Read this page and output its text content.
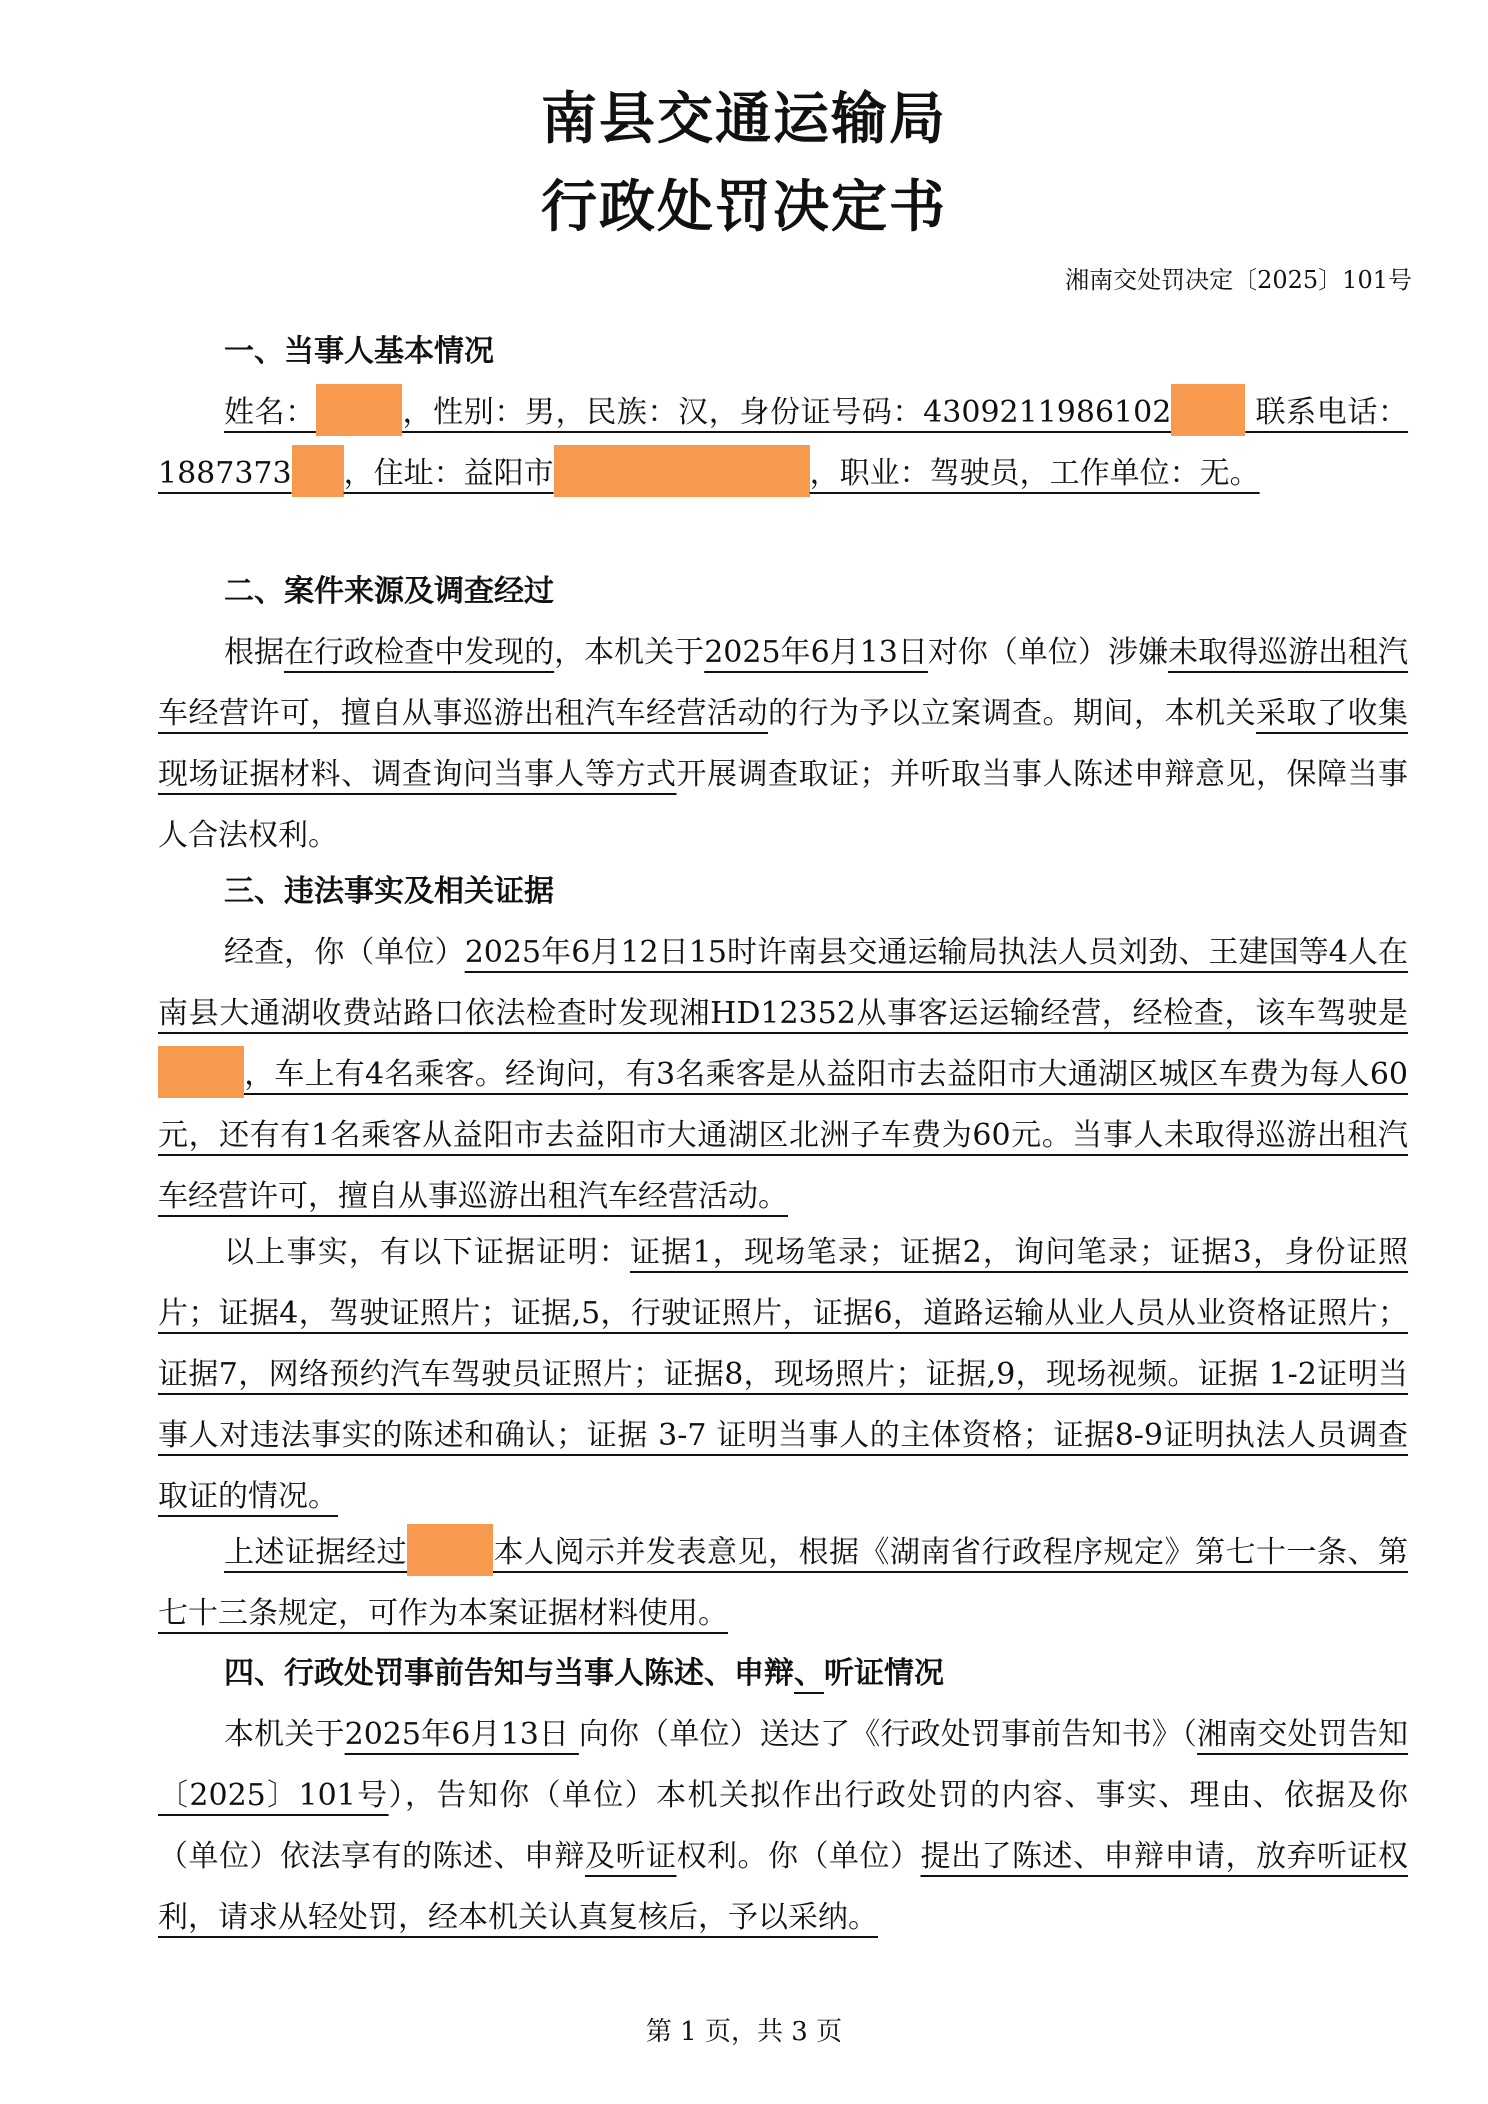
南县交通运输局
行政处罚决定书
湘南交处罚决定〔2025〕101号
一、当事人基本情况

姓名：	，性别：男，民族：汉，身份证号码：4309211986102 联系电话：1887373 ，住址：益阳市	，职业：驾驶员，工作单位：无。

二、案件来源及调查经过

根据在行政检查中发现的，本机关于2025年6月13日对你（单位）涉嫌未取得巡游出租汽车经营许可，擅自从事巡游出租汽车经营活动的行为予以立案调查。期间，本机关采取了收集现场证据材料、调查询问当事人等方式开展调查取证；并听取当事人陈述申辩意见，保障当事人合法权利。

三、违法事实及相关证据

经查，你（单位）2025年6月12日15时许南县交通运输局执法人员刘劲、王建国等4人在南县大通湖收费站路口依法检查时发现湘HD12352从事客运运输经营，经检查，该车驾驶是，车上有4名乘客。经询问，有3名乘客是从益阳市去益阳市大通湖区城区车费为每人60元，还有有1名乘客从益阳市去益阳市大通湖区北洲子车费为60元。当事人未取得巡游出租汽车经营许可，擅自从事巡游出租汽车经营活动。

以上事实，有以下证据证明：证据1，现场笔录；证据2，询问笔录；证据3，身份证照片；证据4，驾驶证照片；证据,5，行驶证照片，证据6，道路运输从业人员从业资格证照片；证据7，网络预约汽车驾驶员证照片；证据8，现场照片；证据,9，现场视频。证据 1-2证明当事人对违法事实的陈述和确认；证据 3-7 证明当事人的主体资格；证据8-9证明执法人员调查取证的情况。

上述证据经过	本人阅示并发表意见，根据《湖南省行政程序规定》第七十一条、第七十三条规定，可作为本案证据材料使用。

四、行政处罚事前告知与当事人陈述、申辩、听证情况

本机关于2025年6月13日 向你（单位）送达了《行政处罚事前告知书》（湘南交处罚告知〔2025〕101号），告知你（单位）本机关拟作出行政处罚的内容、事实、理由、依据及你（单位）依法享有的陈述、申辩及听证权利。你（单位）提出了陈述、申辩申请，放弃听证权利，请求从轻处罚，经本机关认真复核后，予以采纳。

第 1 页，共 3 页
